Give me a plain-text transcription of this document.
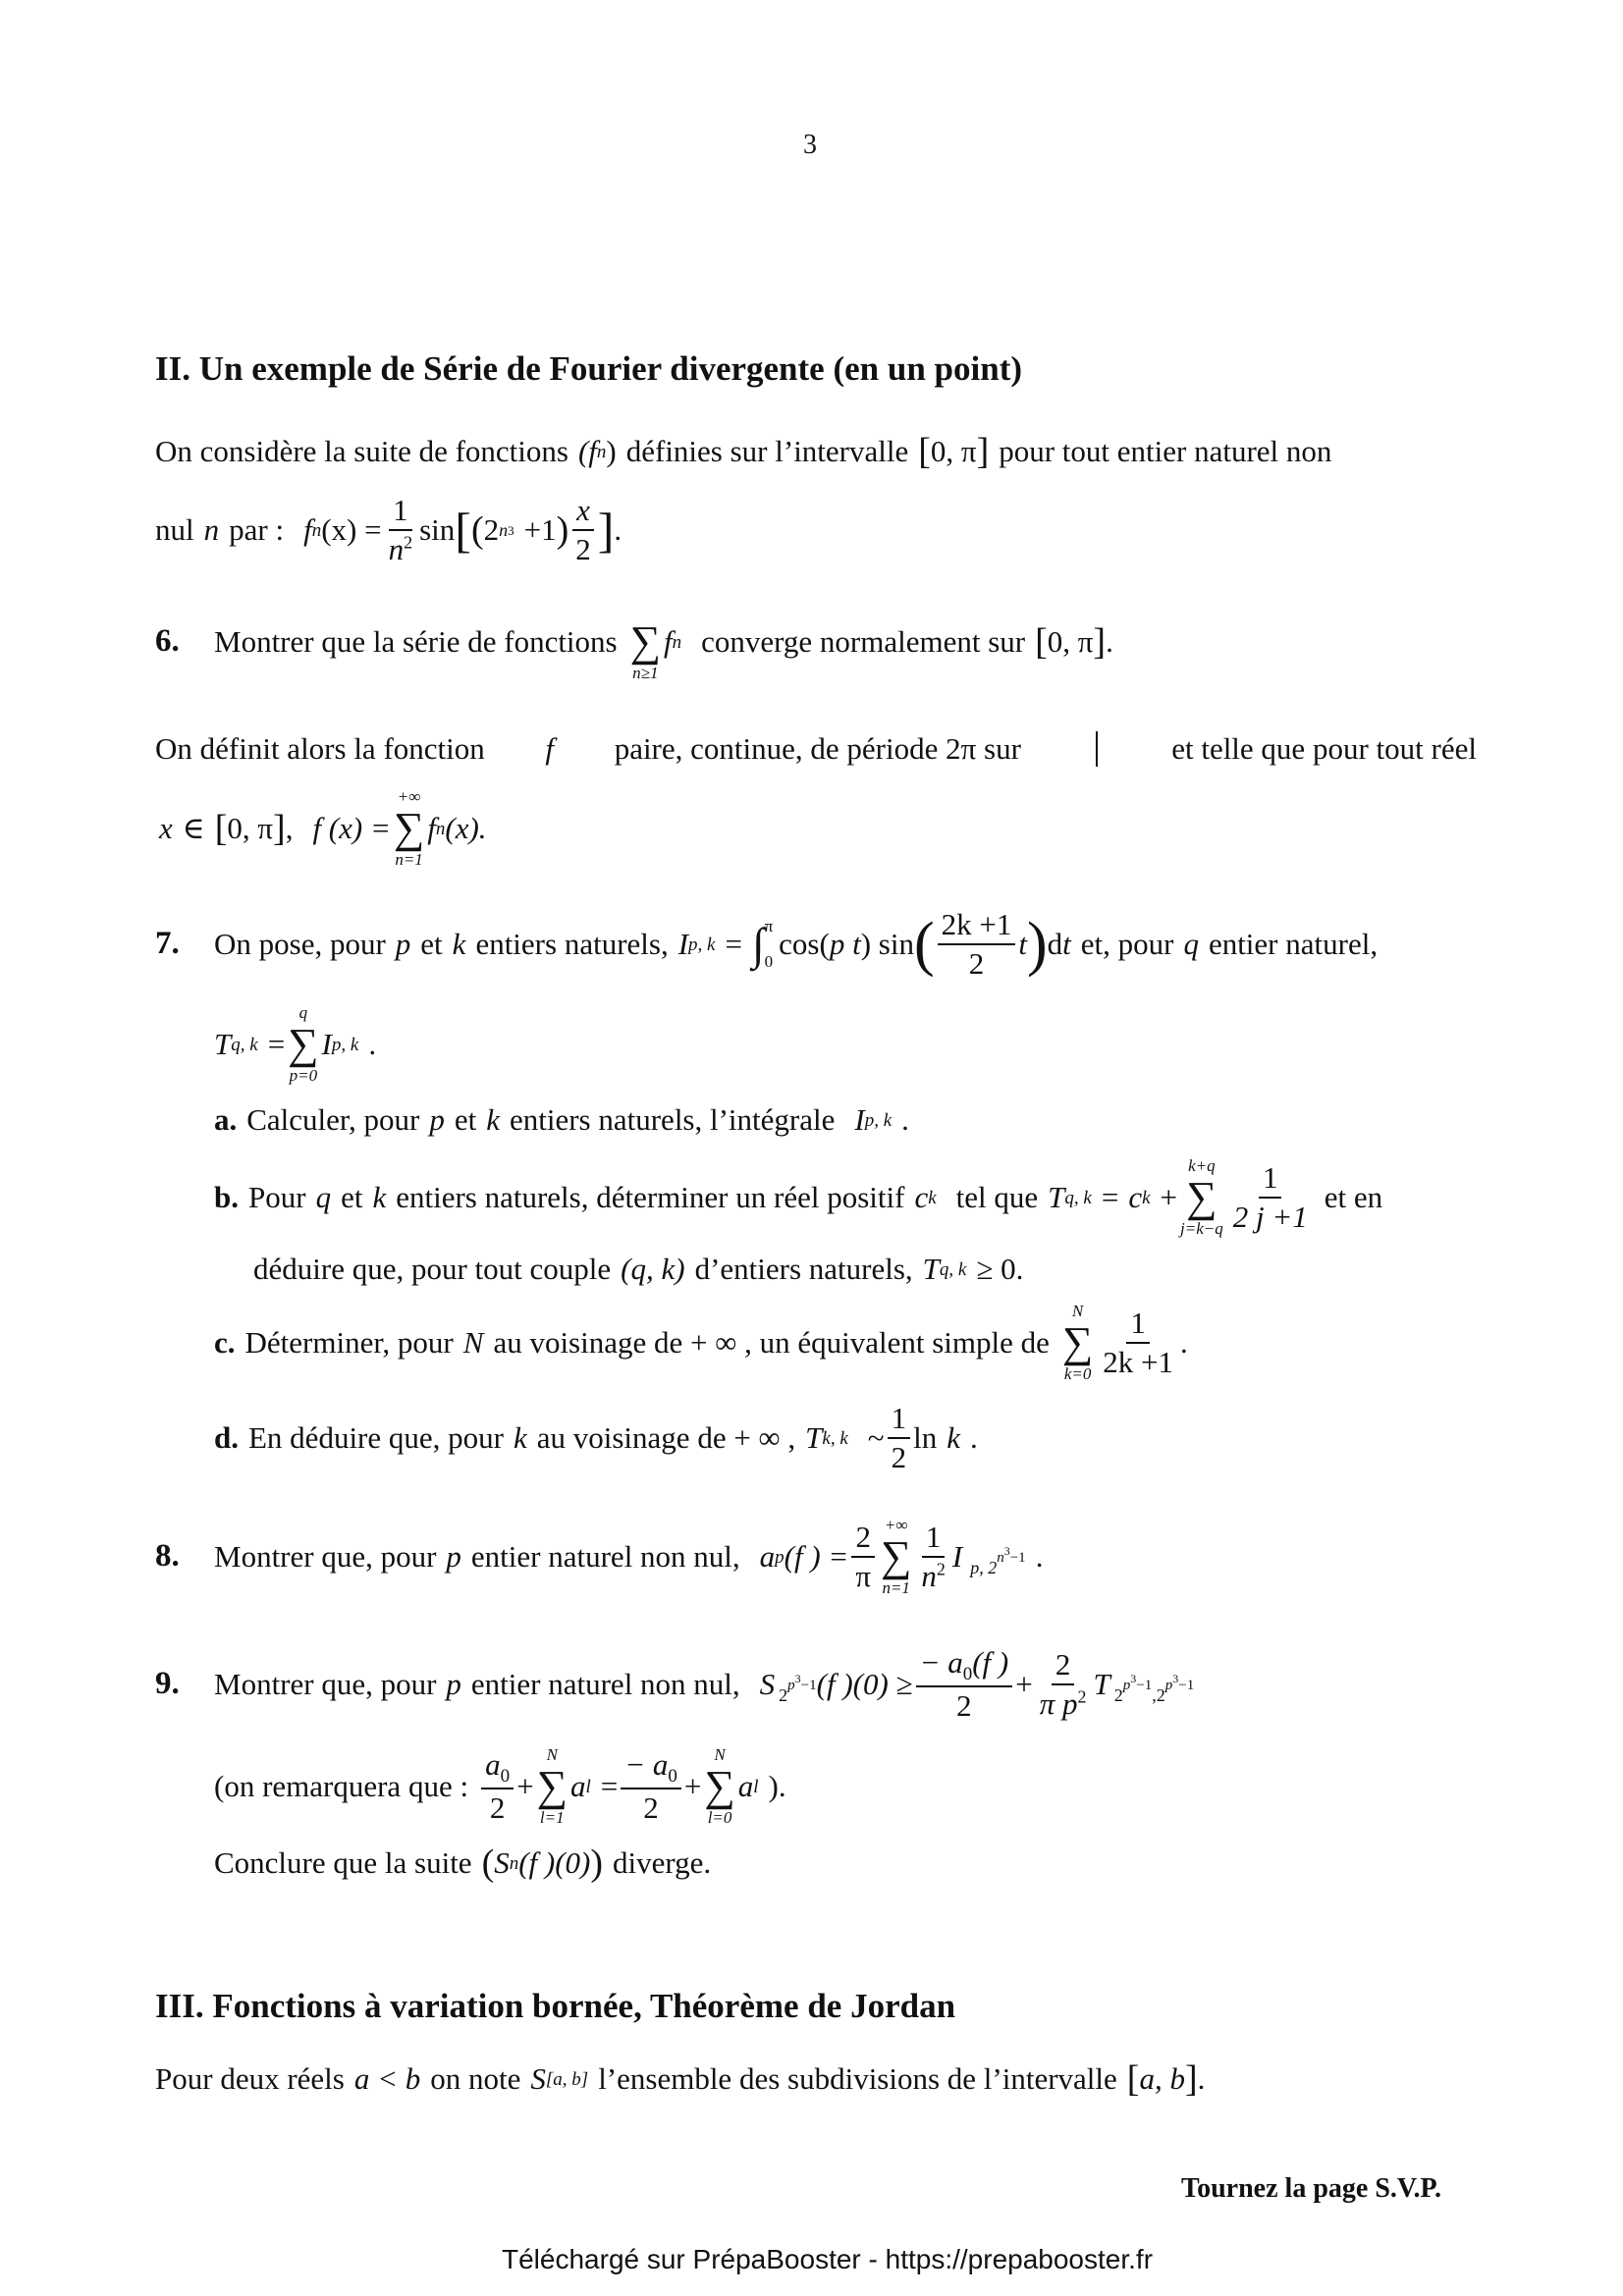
3
II. Un exemple de Série de Fourier divergente (en un point)
On considère la suite de fonctions (f n ) définies sur l’intervalle [ 0, π ] pour tout entier naturel non
nul n par : f n $(x) = \frac{1}{n^2}$ sin [ ( 2 n 3 +1 ) $\frac{x}{2}$ ] .
6.	Montrer que la série de fonctions
∑
n≥1
f n converge normalement sur [ 0, π ] .
On définit alors la fonction f paire, continue, de période 2π sur	et telle que pour tout réel
x ∈ [ 0, π ] , f (x) =
+∞
∑
n=1
f n (x).
7.	On pose, pour p et k entiers naturels, I p, k = ∫ π
0 cos( p t ) sin ( $\frac{2k +1}{2}$ t ) d t et, pour q entier naturel,
T q, k =
q
∑
p=0
I p, k .
a. Calculer, pour p et k entiers naturels, l’intégrale I p, k .
b. Pour q et k entiers naturels, déterminer un réel positif c k tel que T q, k = c k +
k+q
∑
$j=k-q \frac{1}{2 j +1}$ et en
déduire que, pour tout couple (q, k) d’entiers naturels, T q, k ≥ 0.
c. Déterminer, pour N au voisinage de + ∞ , un équivalent simple de
N
∑
$k=0 \frac{1}{2k +1}$ .
d. En déduire que, pour k au voisinage de + ∞ , T k, k ~ $\frac{1}{2}$ ln k .
8.	Montrer que, pour p entier naturel non nul, a p (f ) = $\frac{2}{\pi}$ +∞
∑
$n=1 \frac{1}{n^2}$ I p, 2 n 3 −1 .
9.	Montrer que, pour p entier naturel non nul, S 2 p 3 −1 (f )$(0) \ge \frac{- a_0(f )}{2} + \frac{2}{\pi p^2}$ T 2 p 3 −1 ,2 p 3 −1
(on remarquera que : $\frac{a_0}{2}$ +
N
∑
l=1
a $l = \frac{- a_0}{2}$ +
N
∑
l=0
a l ).
Conclure que la suite ( S n (f )(0) ) diverge.
III. Fonctions à variation bornée, Théorème de Jordan
Pour deux réels a < b on note S [a, b] l’ensemble des subdivisions de l’intervalle [ a, b ] .
Tournez la page S.V.P.
Téléchargé sur PrépaBooster - https://prepabooster.fr
